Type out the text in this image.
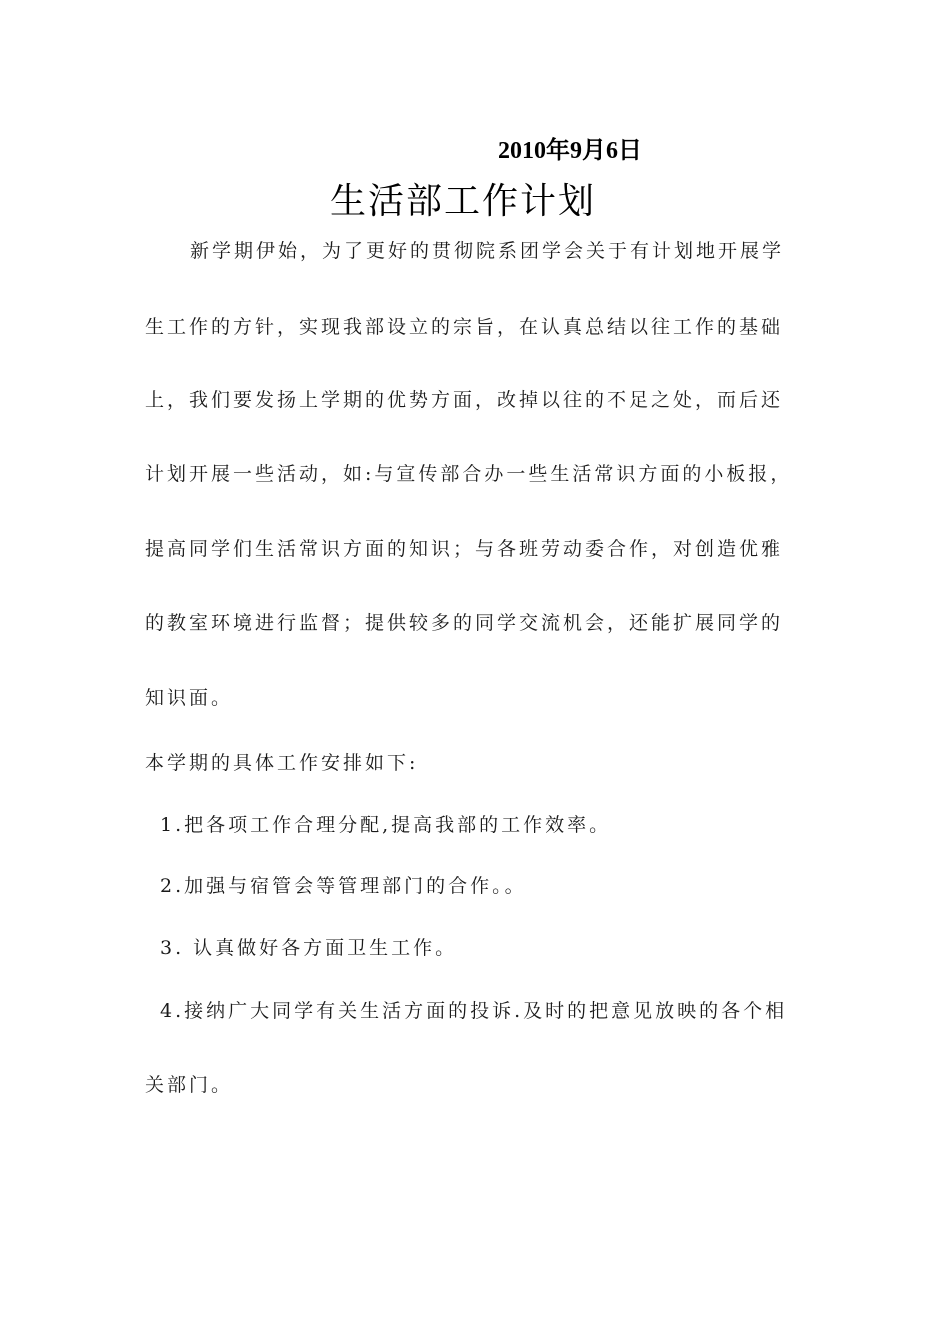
2010年9月6日
生活部工作计划
新学期伊始，为了更好的贯彻院系团学会关于有计划地开展学
生工作的方针，实现我部设立的宗旨，在认真总结以往工作的基础
上，我们要发扬上学期的优势方面，改掉以往的不足之处，而后还
计划开展一些活动，如:与宣传部合办一些生活常识方面的小板报，
提高同学们生活常识方面的知识；与各班劳动委合作，对创造优雅
的教室环境进行监督；提供较多的同学交流机会，还能扩展同学的
知识面。
本学期的具体工作安排如下:
1.把各项工作合理分配,提高我部的工作效率。
2.加强与宿管会等管理部门的合作。。
3. 认真做好各方面卫生工作。
4.接纳广大同学有关生活方面的投诉.及时的把意见放映的各个相
关部门。
